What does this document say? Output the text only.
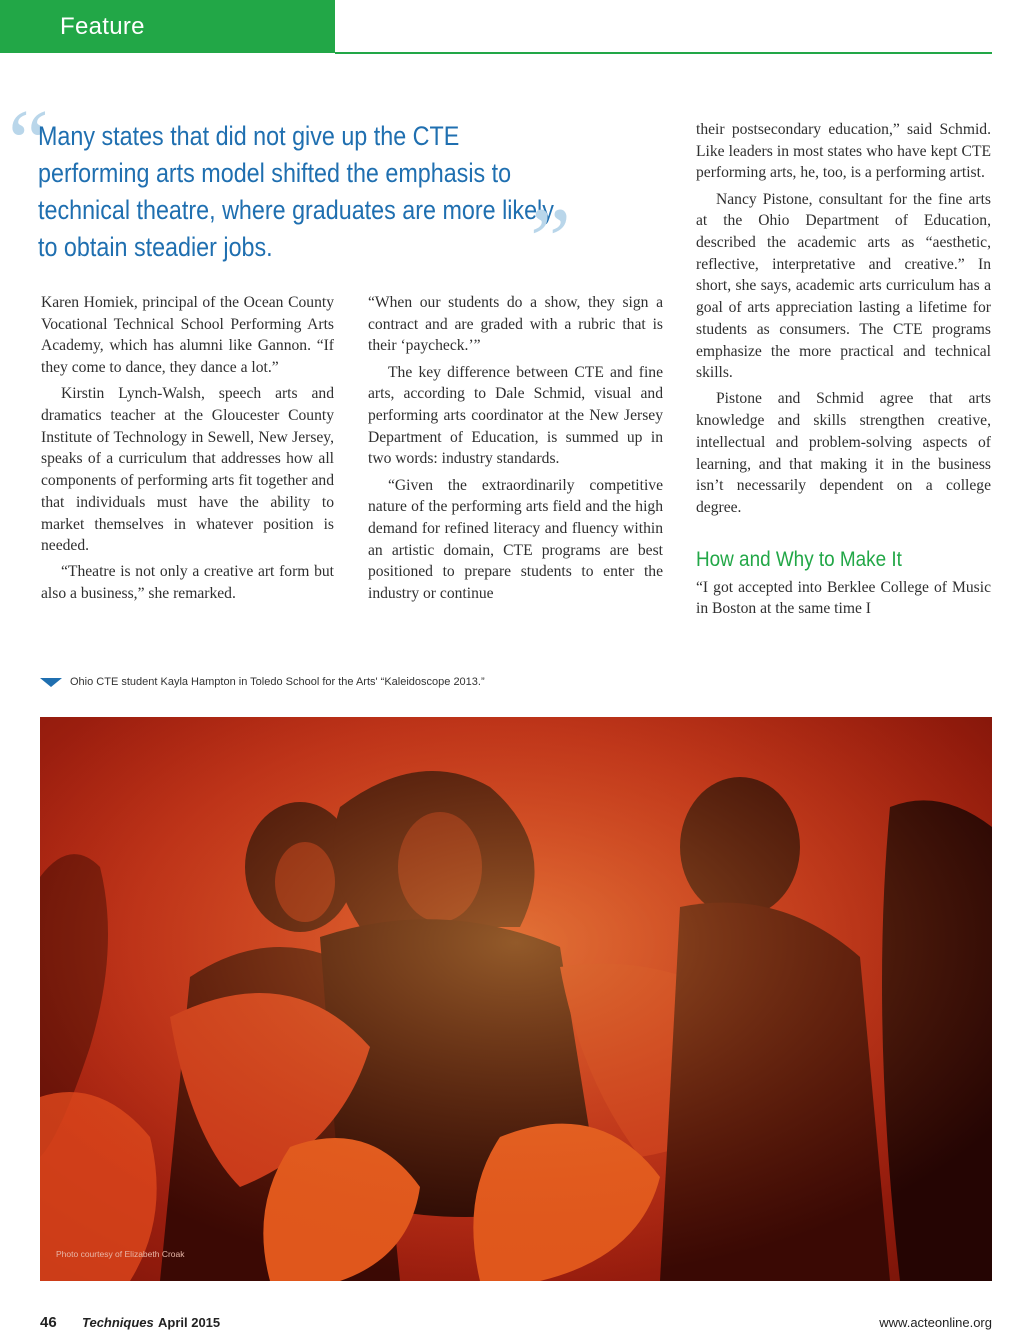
Feature
“
Many states that did not give up the CTE performing arts model shifted the emphasis to technical theatre, where graduates are more likely to obtain steadier jobs.	”

Karen Homiek, principal of the Ocean County Vocational Technical School Performing Arts Academy, which has alumni like Gannon. “If they come to dance, they dance a lot.”

Kirstin Lynch-Walsh, speech arts and dramatics teacher at the Gloucester County Institute of Technology in Sewell, New Jersey, speaks of a curriculum that addresses how all components of performing arts fit together and that individuals must have the ability to market themselves in whatever position is needed.

“Theatre is not only a creative art form but also a business,” she remarked.

“When our students do a show, they sign a contract and are graded with a rubric that is their ‘paycheck.’”

The key difference between CTE and fine arts, according to Dale Schmid, visual and performing arts coordinator at the New Jersey Department of Education, is summed up in two words: industry standards.

“Given the extraordinarily competitive nature of the performing arts field and the high demand for refined literacy and fluency within an artistic domain, CTE programs are best positioned to prepare students to enter the industry or continue

their postsecondary education,” said Schmid. Like leaders in most states who have kept CTE performing arts, he, too, is a performing artist.

Nancy Pistone, consultant for the fine arts at the Ohio Department of Education, described the academic arts as “aesthetic, reflective, interpretative and creative.” In short, she says, academic arts curriculum has a goal of arts appreciation lasting a lifetime for students as consumers. The CTE programs emphasize the more practical and technical skills.

Pistone and Schmid agree that arts knowledge and skills strengthen creative, intellectual and problem-solving aspects of learning, and that making it in the business isn’t necessarily dependent on a college degree.

How and Why to Make It

“I got accepted into Berklee College of Music in Boston at the same time I

Ohio CTE student Kayla Hampton in Toledo School for the Arts' “Kaleidoscope 2013.”
Photo courtesy of Elizabeth Croak
46 Techniques April 2015	www.acteonline.org
